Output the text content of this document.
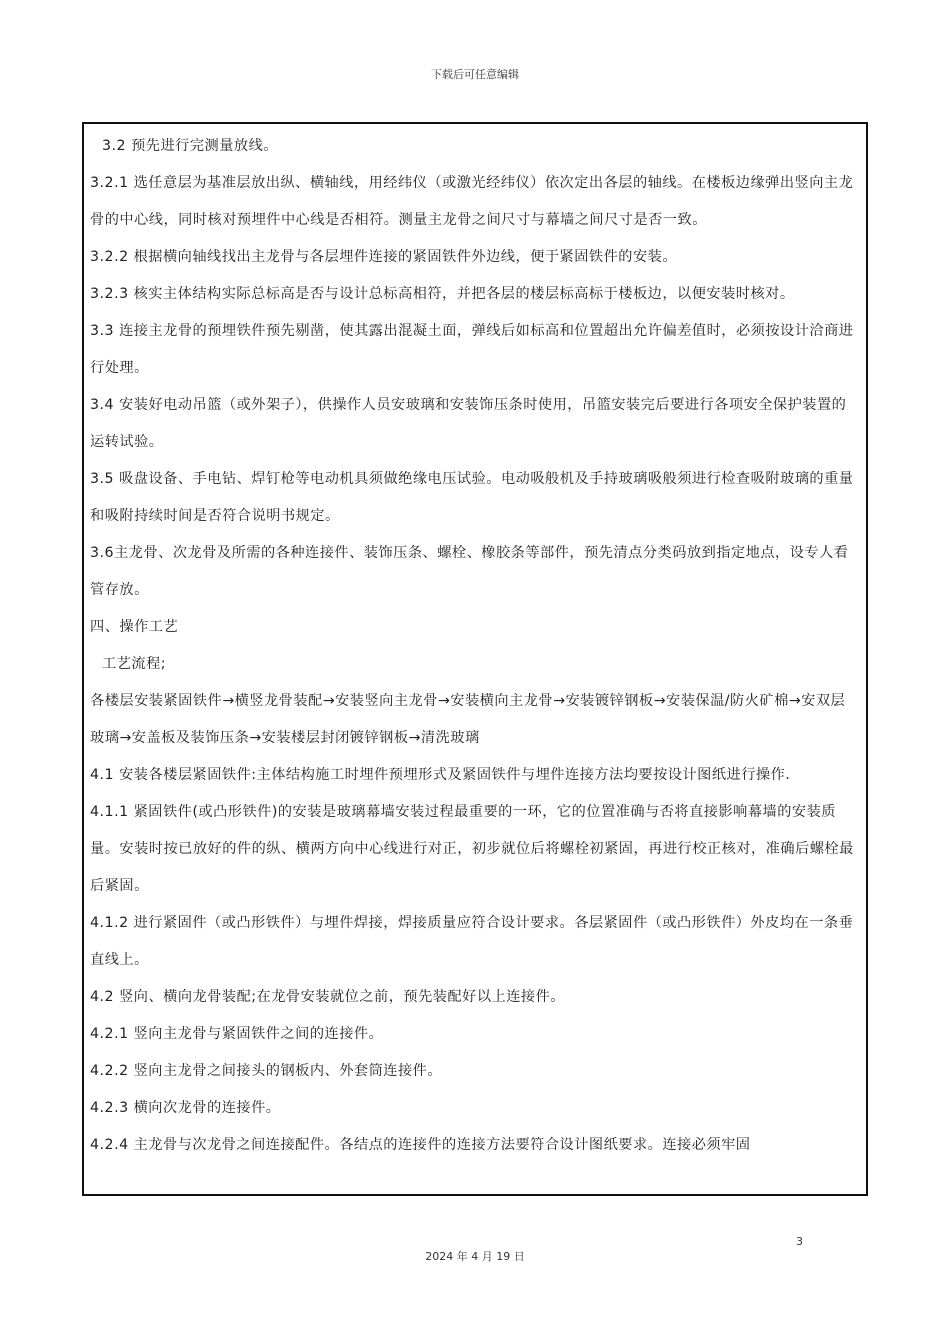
下载后可任意编辑

3.2 预先进行完测量放线。

3.2.1 选任意层为基准层放出纵、横轴线，用经纬仪（或激光经纬仪）依次定出各层的轴线。在楼板边缘弹出竖向主龙骨的中心线，同时核对预埋件中心线是否相符。测量主龙骨之间尺寸与幕墙之间尺寸是否一致。

3.2.2 根据横向轴线找出主龙骨与各层埋件连接的紧固铁件外边线，便于紧固铁件的安装。

3.2.3 核实主体结构实际总标高是否与设计总标高相符，并把各层的楼层标高标于楼板边，以便安装时核对。

3.3 连接主龙骨的预埋铁件预先剔凿，使其露出混凝土面，弹线后如标高和位置超出允许偏差值时，必须按设计洽商进行处理。

3.4 安装好电动吊篮（或外架子），供操作人员安玻璃和安装饰压条时使用，吊篮安装完后要进行各项安全保护装置的运转试验。

3.5 吸盘设备、手电钻、焊钉枪等电动机具须做绝缘电压试验。电动吸般机及手持玻璃吸般须进行检查吸附玻璃的重量和吸附持续时间是否符合说明书规定。

3.6主龙骨、次龙骨及所需的各种连接件、装饰压条、螺栓、橡胶条等部件，预先清点分类码放到指定地点，设专人看管存放。

四、操作工艺

工艺流程;

各楼层安装紧固铁件→横竖龙骨装配→安装竖向主龙骨→安装横向主龙骨→安装镀锌钢板→安装保温/防火矿棉→安双层玻璃→安盖板及装饰压条→安装楼层封闭镀锌钢板→清洗玻璃

4.1 安装各楼层紧固铁件:主体结构施工时埋件预埋形式及紧固铁件与埋件连接方法均要按设计图纸进行操作.

4.1.1 紧固铁件(或凸形铁件)的安装是玻璃幕墙安装过程最重要的一环，它的位置准确与否将直接影响幕墙的安装质量。安装时按已放好的件的纵、横两方向中心线进行对正，初步就位后将螺栓初紧固，再进行校正核对，准确后螺栓最后紧固。

4.1.2 进行紧固件（或凸形铁件）与埋件焊接，焊接质量应符合设计要求。各层紧固件（或凸形铁件）外皮均在一条垂直线上。

4.2 竖向、横向龙骨装配;在龙骨安装就位之前，预先装配好以上连接件。

4.2.1 竖向主龙骨与紧固铁件之间的连接件。

4.2.2 竖向主龙骨之间接头的钢板内、外套筒连接件。

4.2.3 横向次龙骨的连接件。

4.2.4 主龙骨与次龙骨之间连接配件。各结点的连接件的连接方法要符合设计图纸要求。连接必须牢固

3
2024 年 4 月 19 日
